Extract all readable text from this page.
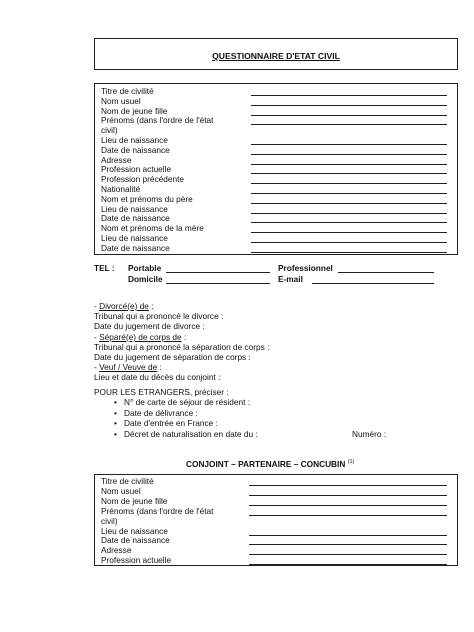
QUESTIONNAIRE D'ETAT CIVIL
Titre de civilité
Nom usuel
Nom de jeune fille
Prénoms (dans l'ordre de l'état
civil)
Lieu de naissance
Date de naissance
Adresse
Profession actuelle
Profession précédente
Nationalité
Nom et prénoms du père
Lieu de naissance
Date de naissance
Nom et prénoms de la mère
Lieu de naissance
Date de naissance
TEL : Portable	Professionnel
Domicile	E-mail
- Divorcé(e) de :
Tribunal qui a prononcé le divorce :
Date du jugement de divorce :
- Séparé(e) de corps de :
Tribunal qui a prononcé la séparation de corps :
Date du jugement de séparation de corps :
- Veuf / Veuve de :
Lieu et date du décès du conjoint :
POUR LES ETRANGERS, préciser :
• N° de carte de séjour de résident :
• Date de délivrance :
• Date d'entrée en France :
• Décret de naturalisation en date du :	Numéro :
CONJOINT – PARTENAIRE – CONCUBIN $^{(1)}$
Titre de civilité
Nom usuel
Nom de jeune fille
Prénoms (dans l'ordre de l'état
civil)
Lieu de naissance
Date de naissance
Adresse
Profession actuelle
